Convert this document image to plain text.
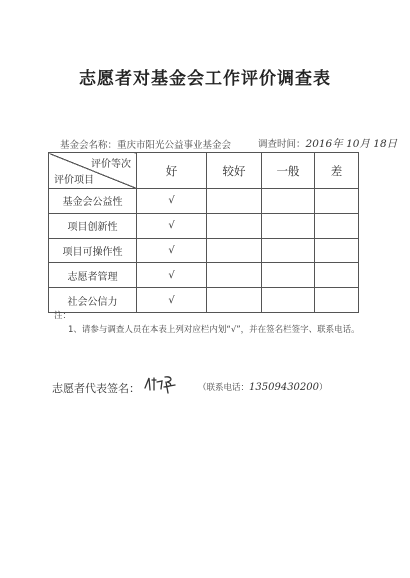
志愿者对基金会工作评价调查表
基金会名称：重庆市阳光公益事业基金会	调查时间：2016年 10月 18日
评价等次
评价项目	好	较好	一般	差
基金会公益性	√			
项目创新性	√			
项目可操作性	√			
志愿者管理	√			
社会公信力	√			
注：
1、请参与调查人员在本表上列对应栏内划“√”，并在签名栏签字、联系电话。
志愿者代表签名：	（联系电话：13509430200）
